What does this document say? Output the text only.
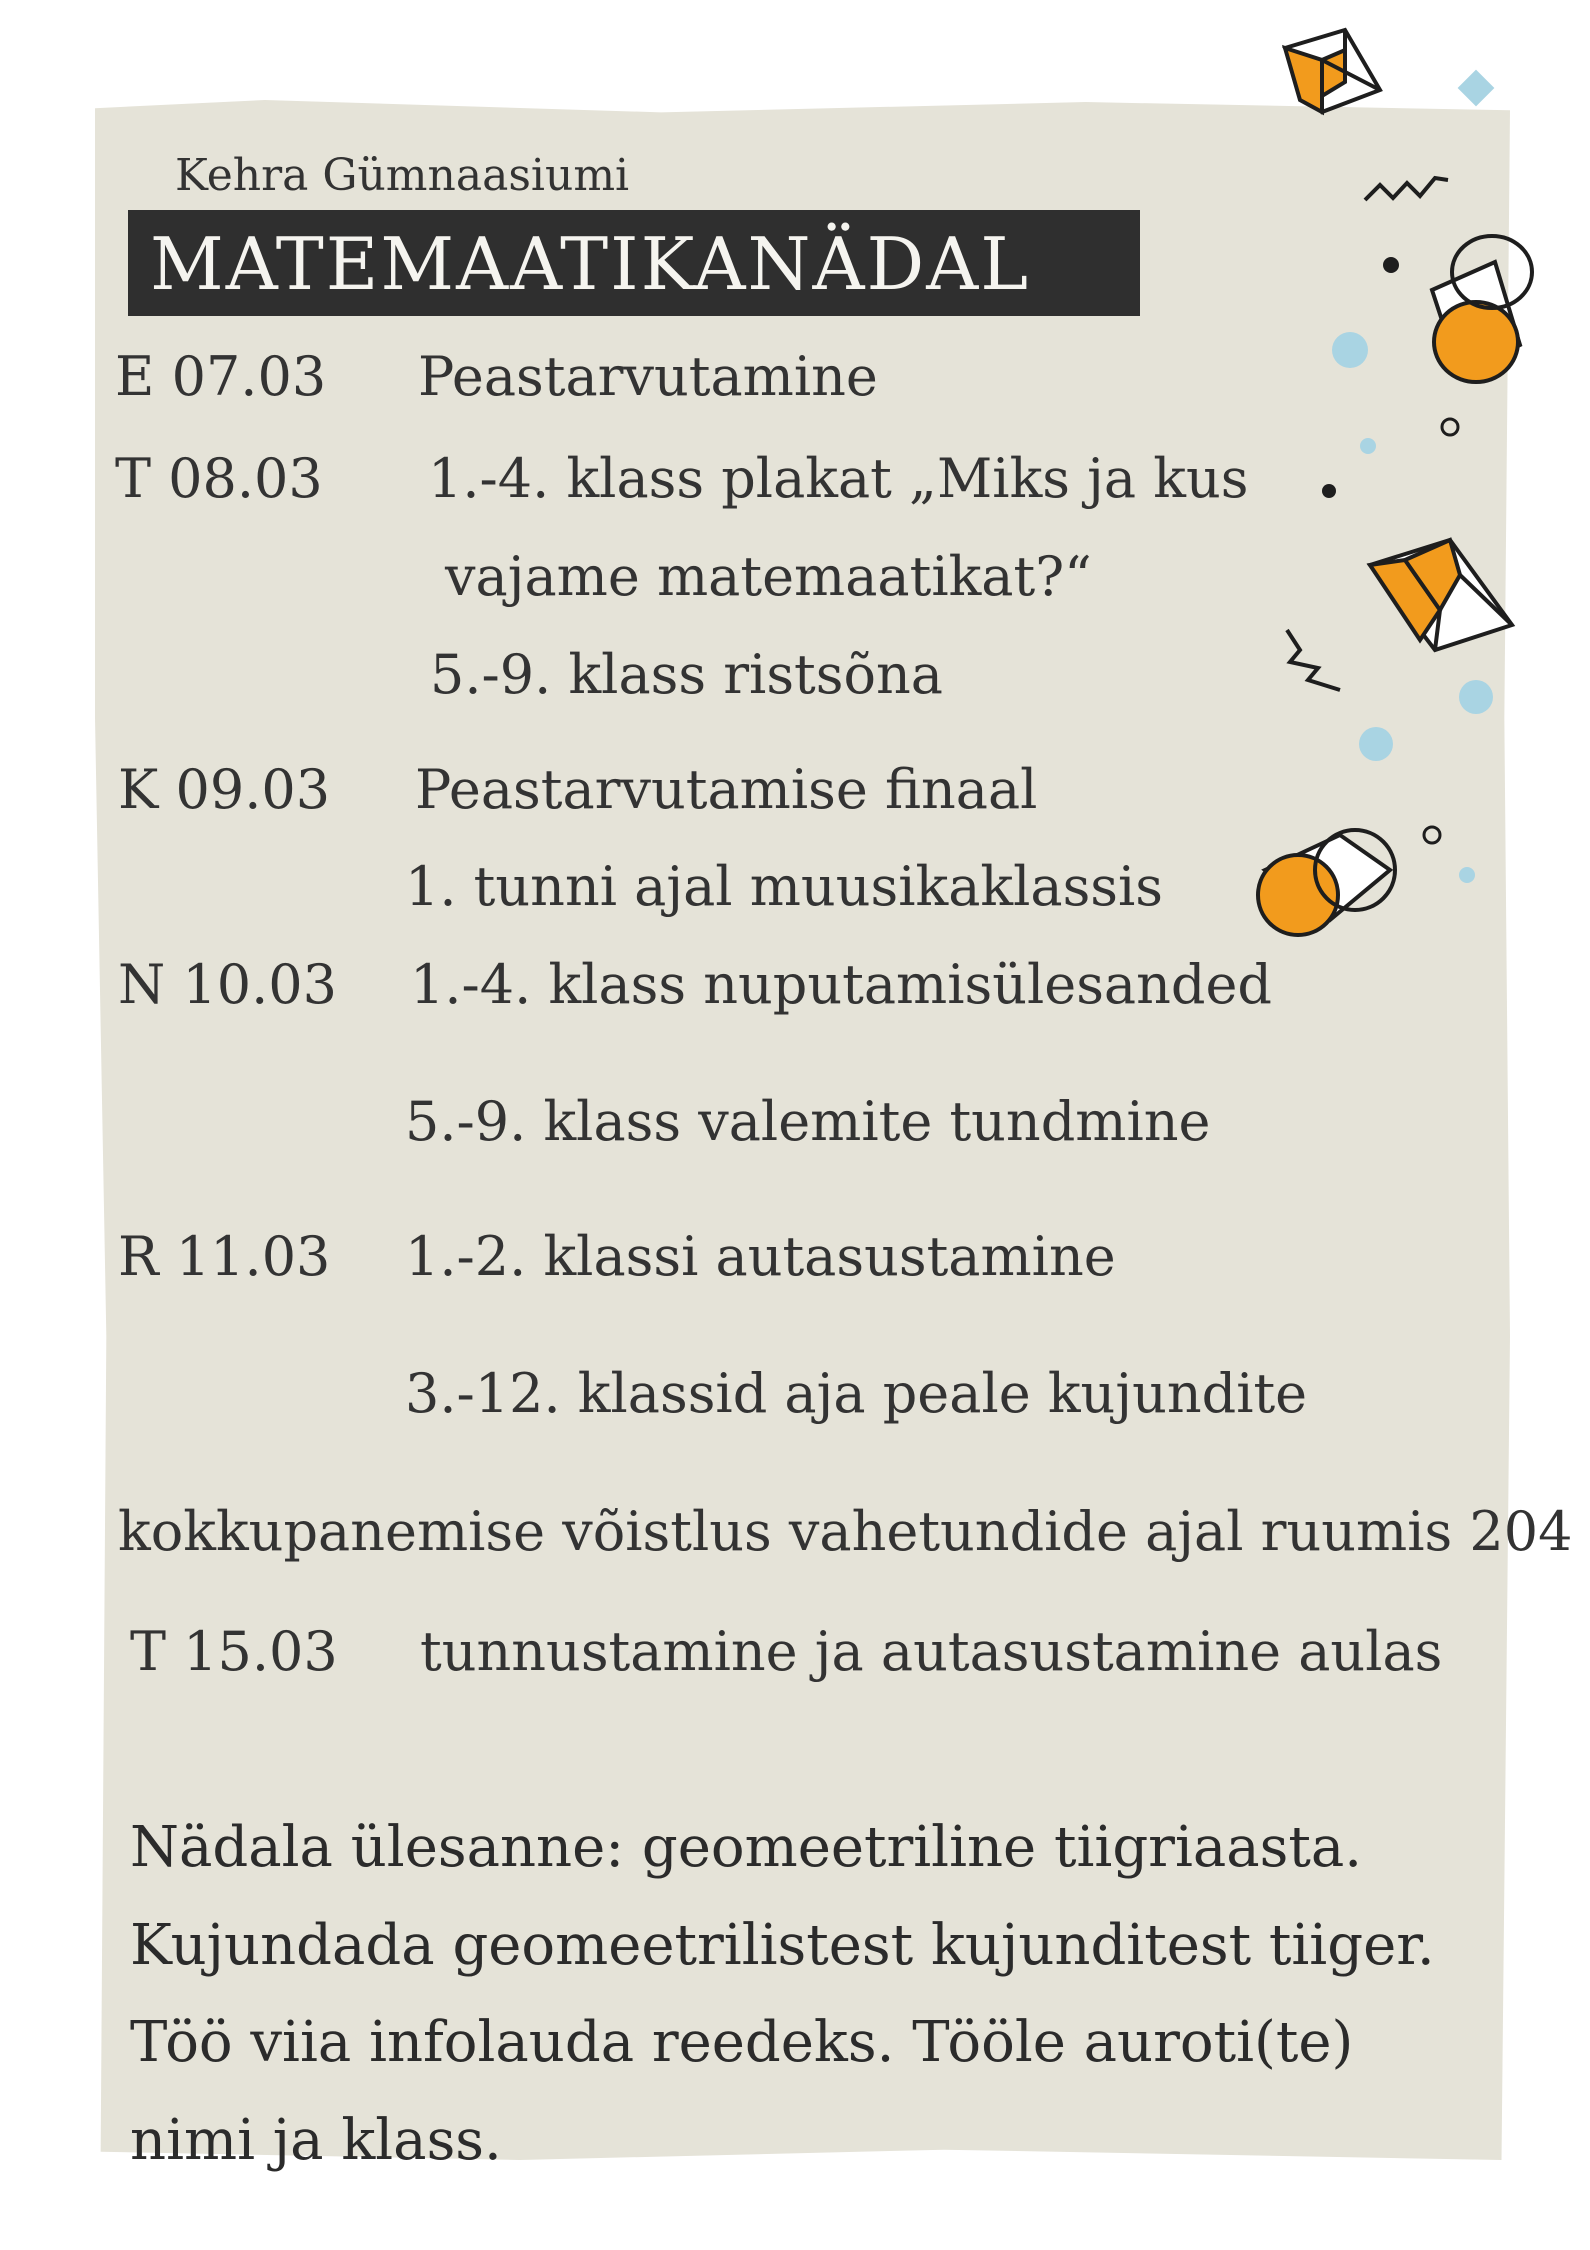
Kehra Gümnaasiumi

MATEMAATIKANÄDAL

E 07.03 Peastarvutamine

T 08.03 1.-4. klass plakat „Miks ja kus

vajame matemaatikat?“

5.-9. klass ristsõna

K 09.03 Peastarvutamise finaal

1. tunni ajal muusikaklassis

N 10.03 1.-4. klass nuputamisülesanded

5.-9. klass valemite tundmine

R 11.03 1.-2. klassi autasustamine

3.-12. klassid aja peale kujundite

kokkupanemise võistlus vahetundide ajal ruumis 204

T 15.03 tunnustamine ja autasustamine aulas

Nädala ülesanne: geomeetriline tiigriaasta.

Kujundada geomeetrilistest kujunditest tiiger.

Töö viia infolauda reedeks. Tööle auroti(te)

nimi ja klass.
